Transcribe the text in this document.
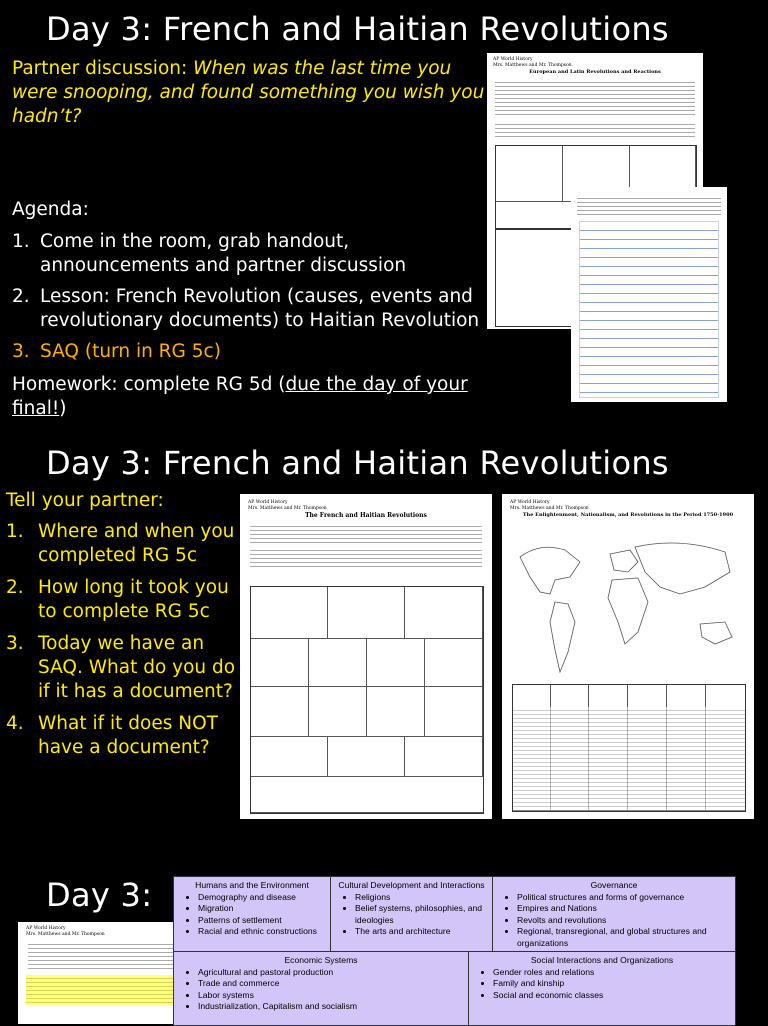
Day 3: French and Haitian Revolutions
Partner discussion: When was the last time you were snooping, and found something you wish you hadn’t?
Agenda:
1. Come in the room, grab handout, announcements and partner discussion
2. Lesson: French Revolution (causes, events and revolutionary documents) to Haitian Revolution
3. SAQ (turn in RG 5c)
Homework: complete RG 5d (due the day of your final!)
AP World History
Mrs. Matthews and Mr. Thompson
European and Latin Revolutions and Reactions
Day 3: French and Haitian Revolutions
Tell your partner:
1. Where and when you completed RG 5c
2. How long it took you to complete RG 5c
3. Today we have an SAQ. What do you do if it has a document?
4. What if it does NOT have a document?
AP World History
Mrs. Matthews and Mr. Thompson
The French and Haitian Revolutions
AP World History
Mrs. Matthews and Mr. Thompson
The Enlightenment, Nationalism, and Revolutions in the Period 1750-1900
Day 3:
AP World History
Mrs. Matthews and Mr. Thompson
Humans and the Environment
• Demography and disease
• Migration
• Patterns of settlement
• Racial and ethnic constructions
Cultural Development and Interactions
• Religions
• Belief systems, philosophies, and ideologies
• The arts and architecture
Governance
• Political structures and forms of governance
• Empires and Nations
• Revolts and revolutions
• Regional, transregional, and global structures and organizations
Economic Systems
• Agricultural and pastoral production
• Trade and commerce
• Labor systems
• Industrialization, Capitalism and socialism
Social Interactions and Organizations
• Gender roles and relations
• Family and kinship
• Social and economic classes
